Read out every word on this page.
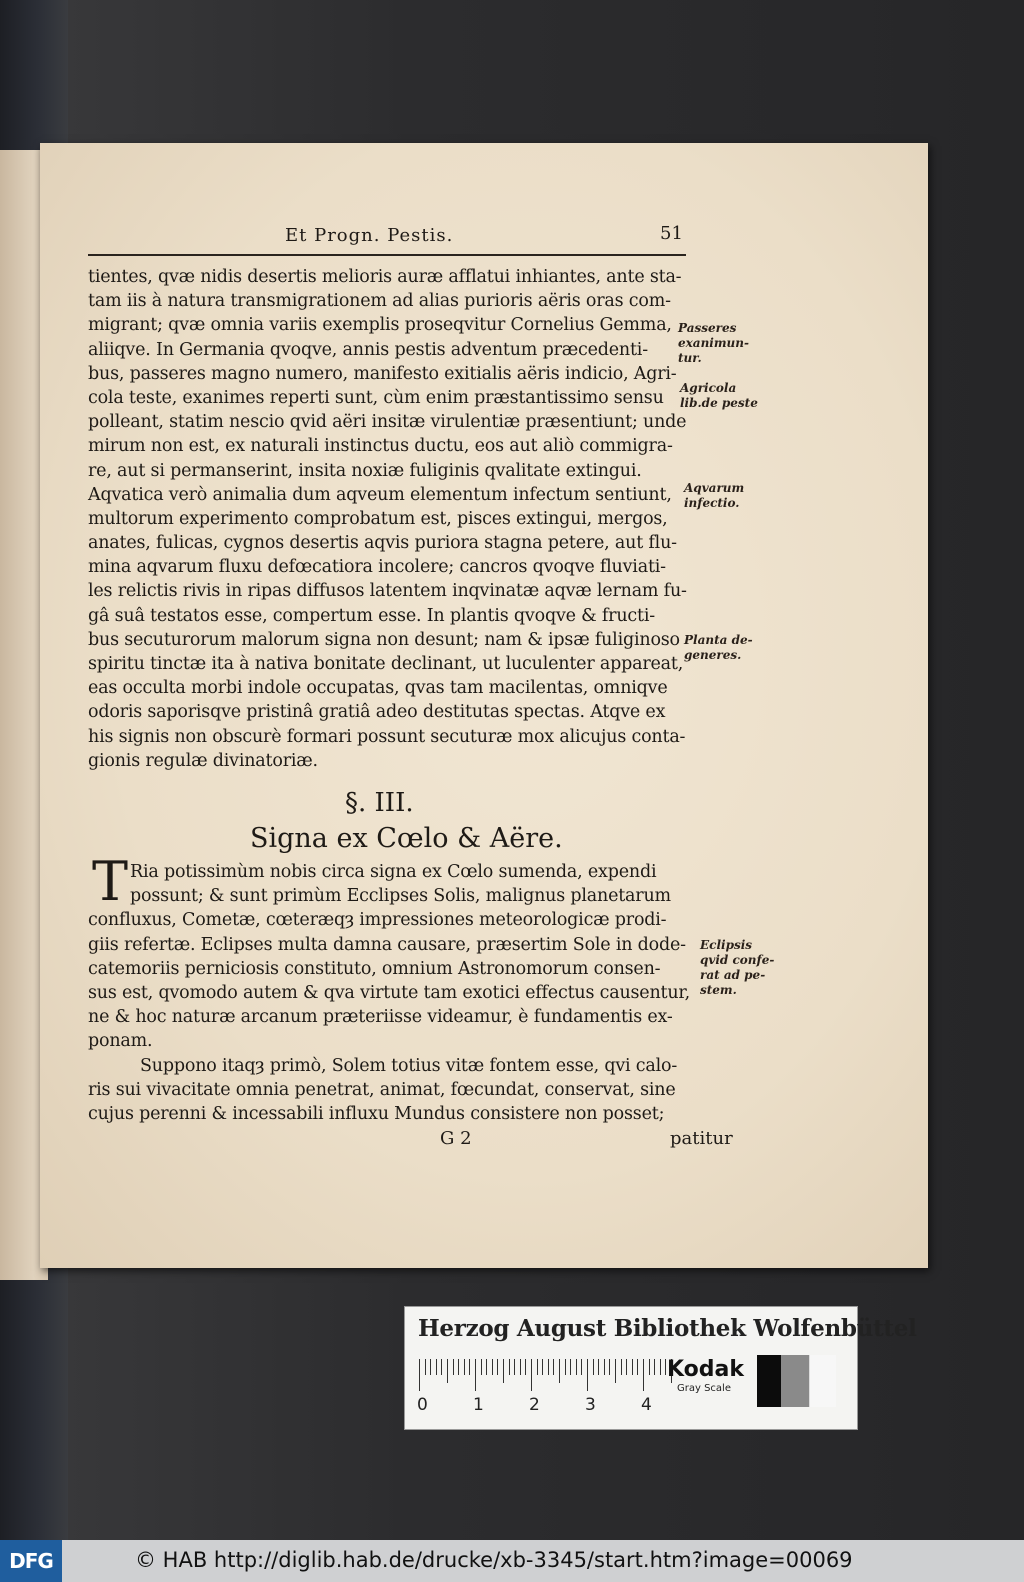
Et Progn. Pestis.	51
tientes, qvæ nidis desertis melioris auræ afflatui inhiantes, ante sta-
tam iis à natura transmigrationem ad alias purioris aëris oras com-
migrant; qvæ omnia variis exemplis prosеqvitur Cornelius Gemma,
aliiqve. In Germania qvoqve, annis pestis adventum præcedenti-
bus, passeres magno numero, manifesto exitialis aëris indicio, Agri-
cola teste, exanimes reperti sunt, cùm enim præstantissimo sensu
polleant, statim nescio qvid aëri insitæ virulentiæ præsentiunt; unde
mirum non est, ex naturali instinctus ductu, eos aut aliò commigra-
re, aut si permanserint, insita noxiæ fuliginis qvalitate extingui.
Aqvatica verò animalia dum aqveum elementum infectum sentiunt,
multorum experimento comprobatum est, pisces extingui, mergos,
anates, fulicas, cygnos desertis aqvis puriora stagna petere, aut flu-
mina aqvarum fluxu defœcatiora incolere; cancros qvoqve fluviati-
les relictis rivis in ripas diffusos latentem inqvinatæ aqvæ lernam fu-
gâ suâ testatos esse, compertum esse. In plantis qvoqve & fructi-
bus secuturorum malorum signa non desunt; nam & ipsæ fuliginoso
spiritu tinctæ ita à nativa bonitate declinant, ut luculenter appareat,
eas occulta morbi indole occupatas, qvas tam macilentas, omniqve
odoris saporisqve pristinâ gratiâ adeo destitutas spectas. Atqve ex
his signis non obscurè formari possunt secuturæ mox alicujus conta-
gionis regulæ divinatoriæ.
Passeres
exanimun-
tur.
Agricola
lib.de peste
Aqvarum
infectio.
Planta de-
generes.
§. III.
Signa ex Cœlo & Aëre.
T Ria potissimùm nobis circa signa ex Cœlo sumenda, expendi
possunt; & sunt primùm Ecclipses Solis, malignus planetarum
confluxus, Cometæ, cœteræqȝ impressiones meteorologicæ prodi-
giis refertæ. Eclipses multa damna causare, præsertim Sole in dode-
catemoriis perniciosis constituto, omnium Astronomorum consen-
sus est, qvomodo autem & qva virtute tam exotici effectus causentur,
ne & hoc naturæ arcanum præteriisse videamur, è fundamentis ex-
ponam.
Suppono itaqȝ primò, Solem totius vitæ fontem esse, qvi calo-
ris sui vivacitate omnia penetrat, animat, fœcundat, conservat, sine
cujus perenni & incessabili influxu Mundus consistere non posset;
Eclipsis
qvid confe-
rat ad pe-
stem.
G 2	patitur
Herzog August Bibliothek Wolfenbüttel
0	1	2	3	4
Kodak
Gray Scale
DFG	© HAB http://diglib.hab.de/drucke/xb-3345/start.htm?image=00069
